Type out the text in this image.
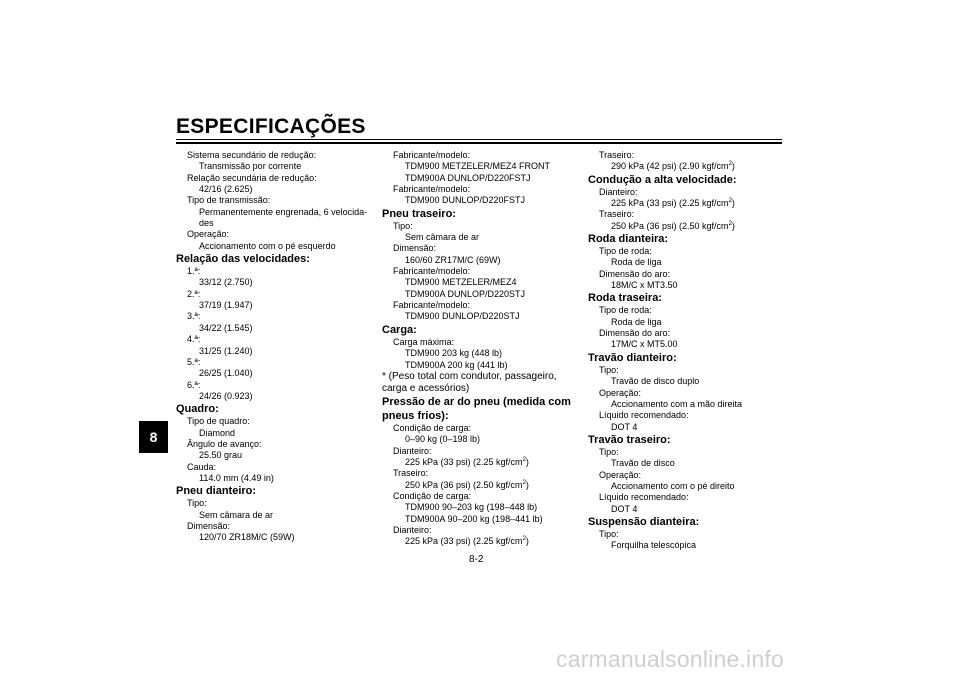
ESPECIFICAÇÕES
8
Sistema secundário de redução:
Transmissão por corrente
Relação secundária de redução:
42/16 (2.625)
Tipo de transmissão:
Permanentemente engrenada, 6 velocida-
des
Operação:
Accionamento com o pé esquerdo
Relação das velocidades:
1.ª:
33/12 (2.750)
2.ª:
37/19 (1.947)
3.ª:
34/22 (1.545)
4.ª:
31/25 (1.240)
5.ª:
26/25 (1.040)
6.ª:
24/26 (0.923)
Quadro:
Tipo de quadro:
Diamond
Ângulo de avanço:
25.50 grau
Cauda:
114.0 mm (4.49 in)
Pneu dianteiro:
Tipo:
Sem câmara de ar
Dimensão:
120/70 ZR18M/C (59W)
Fabricante/modelo:
TDM900 METZELER/MEZ4 FRONT
TDM900A DUNLOP/D220FSTJ
Fabricante/modelo:
TDM900 DUNLOP/D220FSTJ
Pneu traseiro:
Tipo:
Sem câmara de ar
Dimensão:
160/60 ZR17M/C (69W)
Fabricante/modelo:
TDM900 METZELER/MEZ4
TDM900A DUNLOP/D220STJ
Fabricante/modelo:
TDM900 DUNLOP/D220STJ
Carga:
Carga máxima:
TDM900 203 kg (448 lb)
TDM900A 200 kg (441 lb)
* (Peso total com condutor, passageiro,
carga e acessórios)
Pressão de ar do pneu (medida com
pneus frios):
Condição de carga:
0–90 kg (0–198 lb)
Dianteiro:
225 kPa (33 psi) (2.25 kgf/$cm^2$)
Traseiro:
250 kPa (36 psi) (2.50 kgf/$cm^2$)
Condição de carga:
TDM900 90–203 kg (198–448 lb)
TDM900A 90–200 kg (198–441 lb)
Dianteiro:
225 kPa (33 psi) (2.25 kgf/$cm^2$)
Traseiro:
290 kPa (42 psi) (2.90 kgf/$cm^2$)
Condução a alta velocidade:
Dianteiro:
225 kPa (33 psi) (2.25 kgf/$cm^2$)
Traseiro:
250 kPa (36 psi) (2.50 kgf/$cm^2$)
Roda dianteira:
Tipo de roda:
Roda de liga
Dimensão do aro:
18M/C x MT3.50
Roda traseira:
Tipo de roda:
Roda de liga
Dimensão do aro:
17M/C x MT5.00
Travão dianteiro:
Tipo:
Travão de disco duplo
Operação:
Accionamento com a mão direita
Líquido recomendado:
DOT 4
Travão traseiro:
Tipo:
Travão de disco
Operação:
Accionamento com o pé direito
Líquido recomendado:
DOT 4
Suspensão dianteira:
Tipo:
Forquilha telescópica
8-2
carmanualsonline.info
